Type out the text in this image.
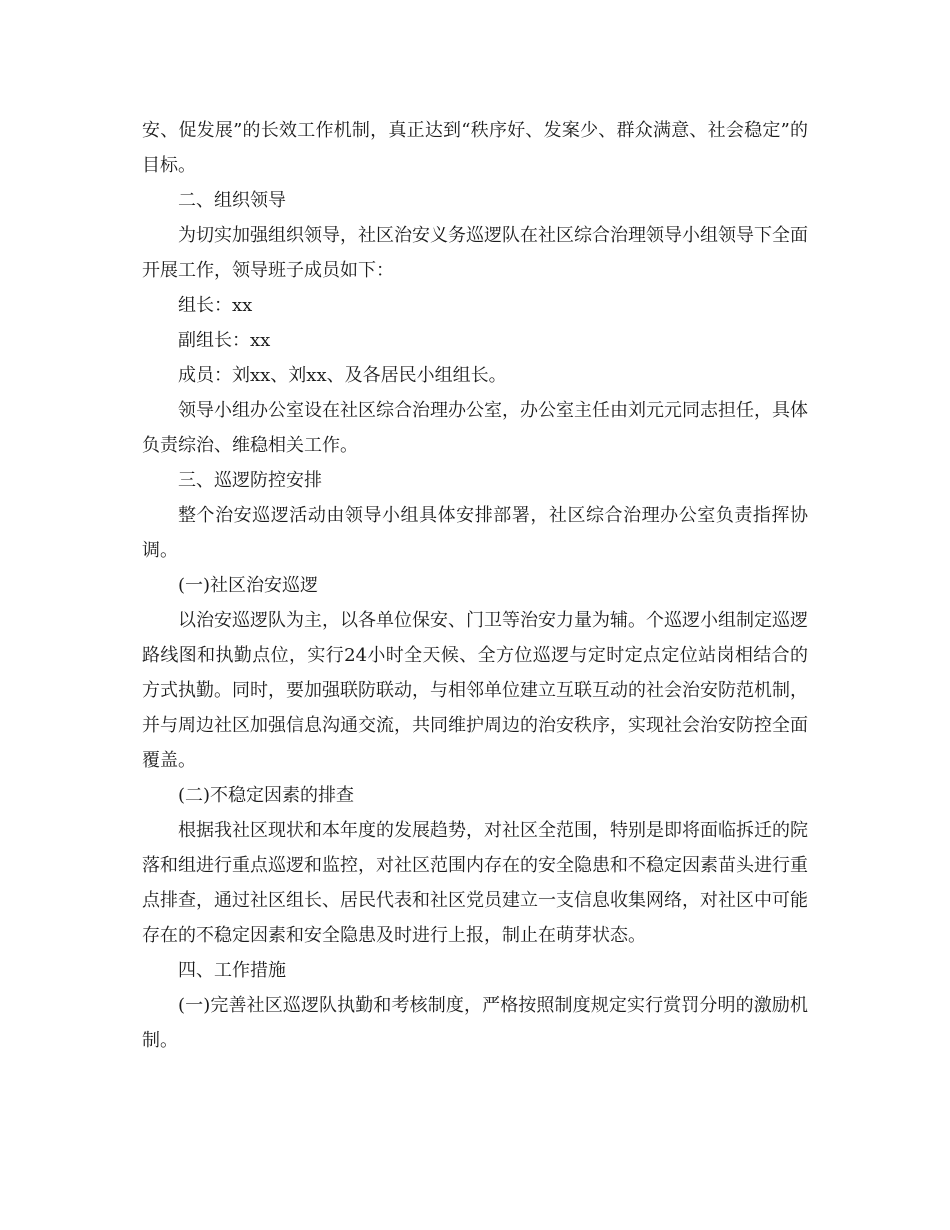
安、促发展”的长效工作机制，真正达到“秩序好、发案少、群众满意、社会稳定”的目标。

二、组织领导

为切实加强组织领导，社区治安义务巡逻队在社区综合治理领导小组领导下全面开展工作，领导班子成员如下：

组长：xx

副组长：xx

成员：刘xx、刘xx、及各居民小组组长。

领导小组办公室设在社区综合治理办公室，办公室主任由刘元元同志担任，具体负责综治、维稳相关工作。

三、巡逻防控安排

整个治安巡逻活动由领导小组具体安排部署，社区综合治理办公室负责指挥协调。

(一)社区治安巡逻

以治安巡逻队为主，以各单位保安、门卫等治安力量为辅。个巡逻小组制定巡逻路线图和执勤点位，实行24小时全天候、全方位巡逻与定时定点定位站岗相结合的方式执勤。同时，要加强联防联动，与相邻单位建立互联互动的社会治安防范机制，并与周边社区加强信息沟通交流，共同维护周边的治安秩序，实现社会治安防控全面覆盖。

(二)不稳定因素的排查

根据我社区现状和本年度的发展趋势，对社区全范围，特别是即将面临拆迁的院落和组进行重点巡逻和监控，对社区范围内存在的安全隐患和不稳定因素苗头进行重点排查，通过社区组长、居民代表和社区党员建立一支信息收集网络，对社区中可能存在的不稳定因素和安全隐患及时进行上报，制止在萌芽状态。

四、工作措施

(一)完善社区巡逻队执勤和考核制度，严格按照制度规定实行赏罚分明的激励机制。
